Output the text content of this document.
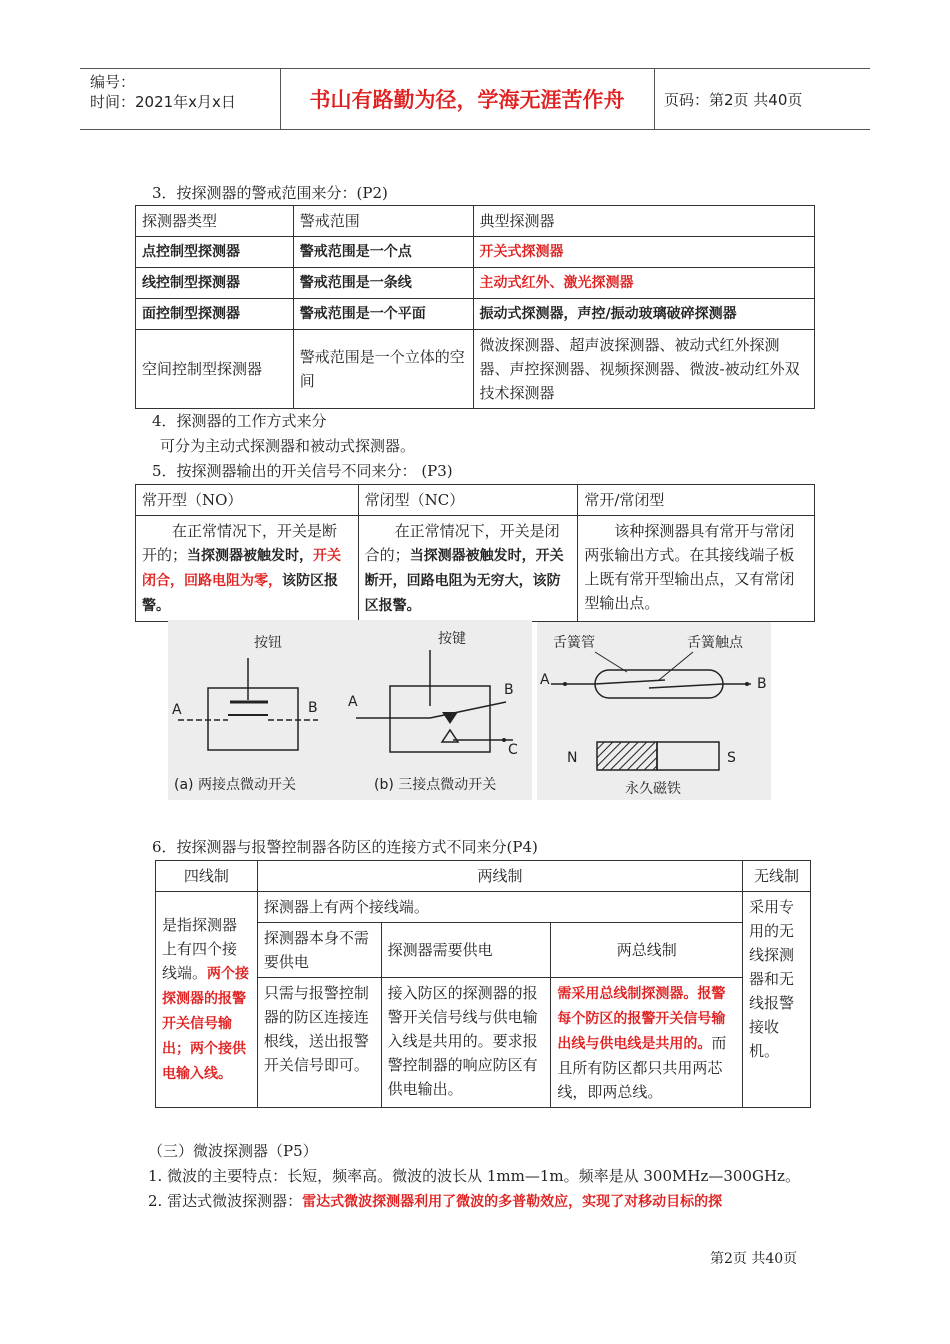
编号：
时间：2021年x月x日	书山有路勤为径，学海无涯苦作舟	页码：第2页 共40页
3．按探测器的警戒范围来分：(P2)
探测器类型	警戒范围	典型探测器
点控制型探测器	警戒范围是一个点	开关式探测器
线控制型探测器	警戒范围是一条线	主动式红外、激光探测器
面控制型探测器	警戒范围是一个平面	振动式探测器，声控/振动玻璃破碎探测器
空间控制型探测器	警戒范围是一个立体的空间	微波探测器、超声波探测器、被动式红外探测器、声控探测器、视频探测器、微波-被动红外双技术探测器
4．探测器的工作方式来分
可分为主动式探测器和被动式探测器。
5．按探测器输出的开关信号不同来分： (P3)
常开型（NO）	常闭型（NC）	常开/常闭型
在正常情况下，开关是断开的；当探测器被触发时，开关闭合，回路电阻为零，该防区报警。	在正常情况下，开关是闭合的；当探测器被触发时，开关断开，回路电阻为无穷大，该防区报警。	该种探测器具有常开与常闭两张输出方式。在其接线端子板上既有常开型输出点，又有常闭型输出点。
按钮
A	B
(a) 两接点微动开关
按键
A
B
C
(b) 三接点微动开关
舌簧管	舌簧触点
A	B
N	S
永久磁铁
6．按探测器与报警控制器各防区的连接方式不同来分(P4)
四线制	两线制			无线制
是指探测器上有四个接线端。两个接探测器的报警开关信号输出；两个接供电输入线。	探测器上有两个接线端。			采用专用的无线探测器和无线报警接收机。
	探测器本身不需要供电	探测器需要供电	两总线制	
	只需与报警控制器的防区连接连根线，送出报警开关信号即可。	接入防区的探测器的报警开关信号线与供电输入线是共用的。要求报警控制器的响应防区有供电输出。	需采用总线制探测器。报警每个防区的报警开关信号输出线与供电线是共用的。而且所有防区都只共用两芯线，即两总线。	
（三）微波探测器（P5）
1. 微波的主要特点：长短，频率高。微波的波长从 1mm—1m。频率是从 300MHz—300GHz。
2. 雷达式微波探测器：雷达式微波探测器利用了微波的多普勒效应，实现了对移动目标的探
第2页 共40页
